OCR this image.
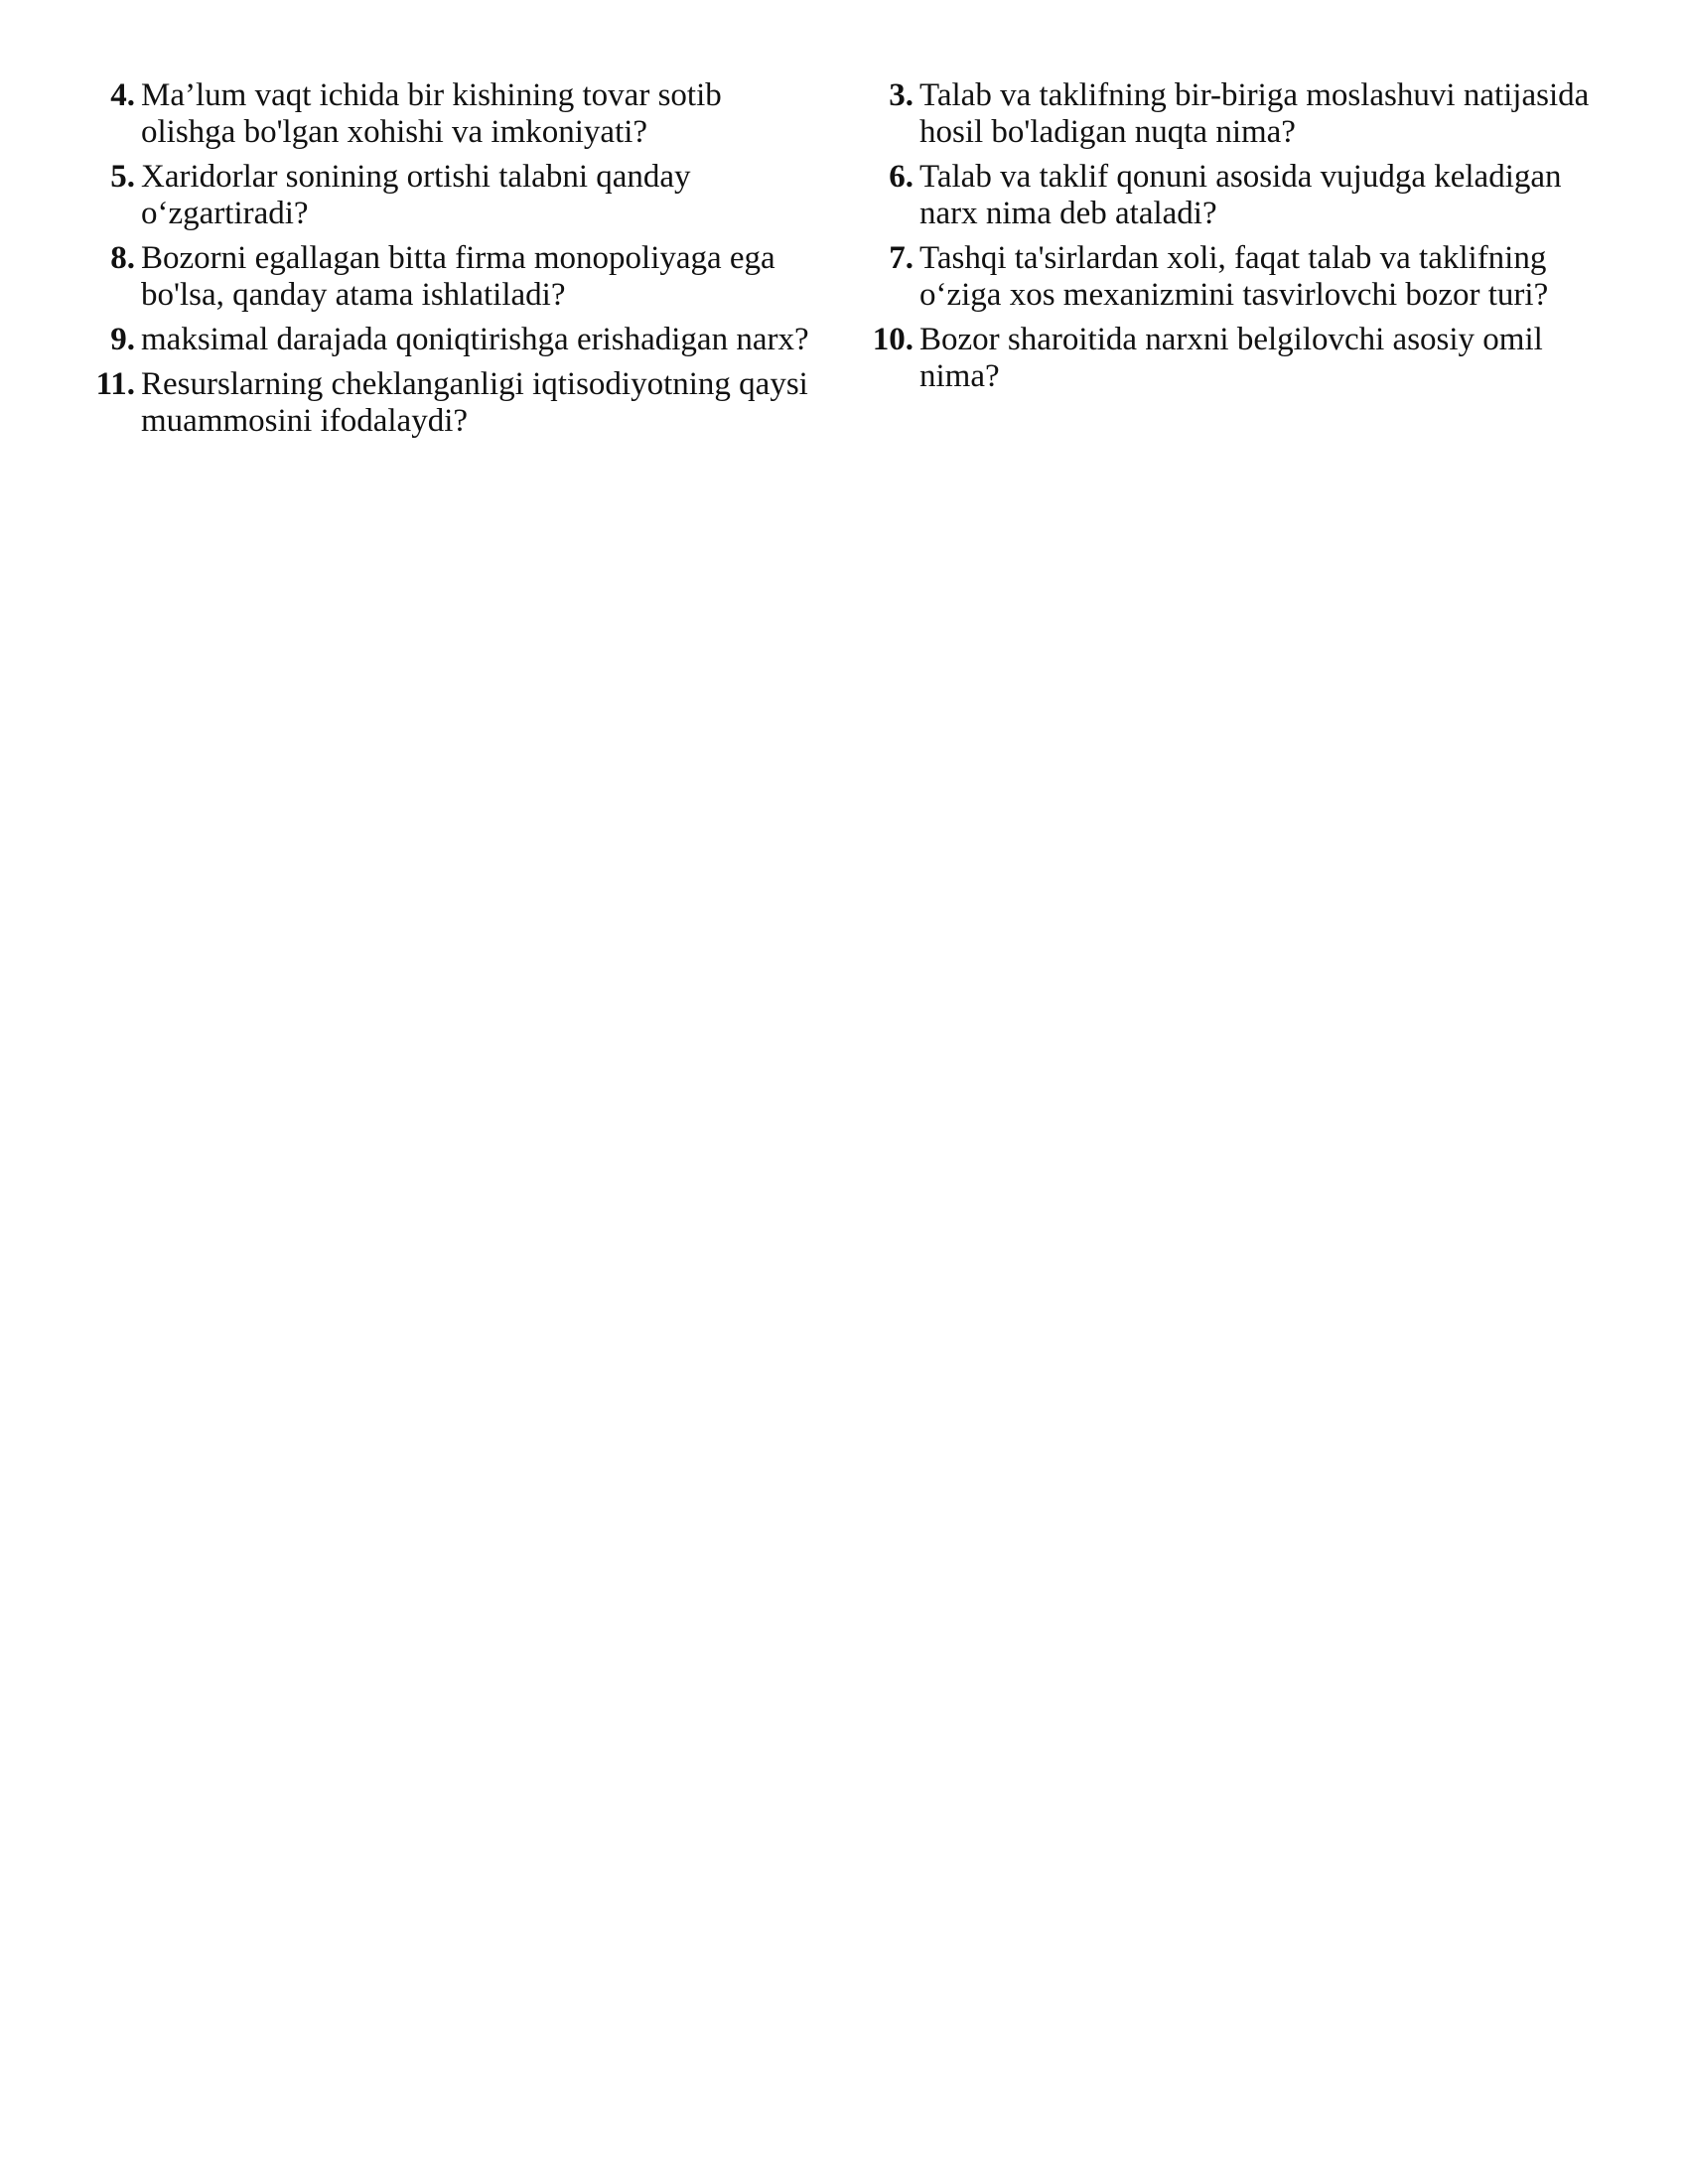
4. Ma’lum vaqt ichida bir kishining tovar sotib olishga bo'lgan xohishi va imkoniyati?
5. Xaridorlar sonining ortishi talabni qanday o‘zgartiradi?
8. Bozorni egallagan bitta firma monopoliyaga ega bo'lsa, qanday atama ishlatiladi?
9. maksimal darajada qoniqtirishga erishadigan narx?
11. Resurslarning cheklanganligi iqtisodiyotning qaysi muammosini ifodalaydi?
3. Talab va taklifning bir-biriga moslashuvi natijasida hosil bo'ladigan nuqta nima?
6. Talab va taklif qonuni asosida vujudga keladigan narx nima deb ataladi?
7. Tashqi ta'sirlardan xoli, faqat talab va taklifning o‘ziga xos mexanizmini tasvirlovchi bozor turi?
10. Bozor sharoitida narxni belgilovchi asosiy omil nima?
